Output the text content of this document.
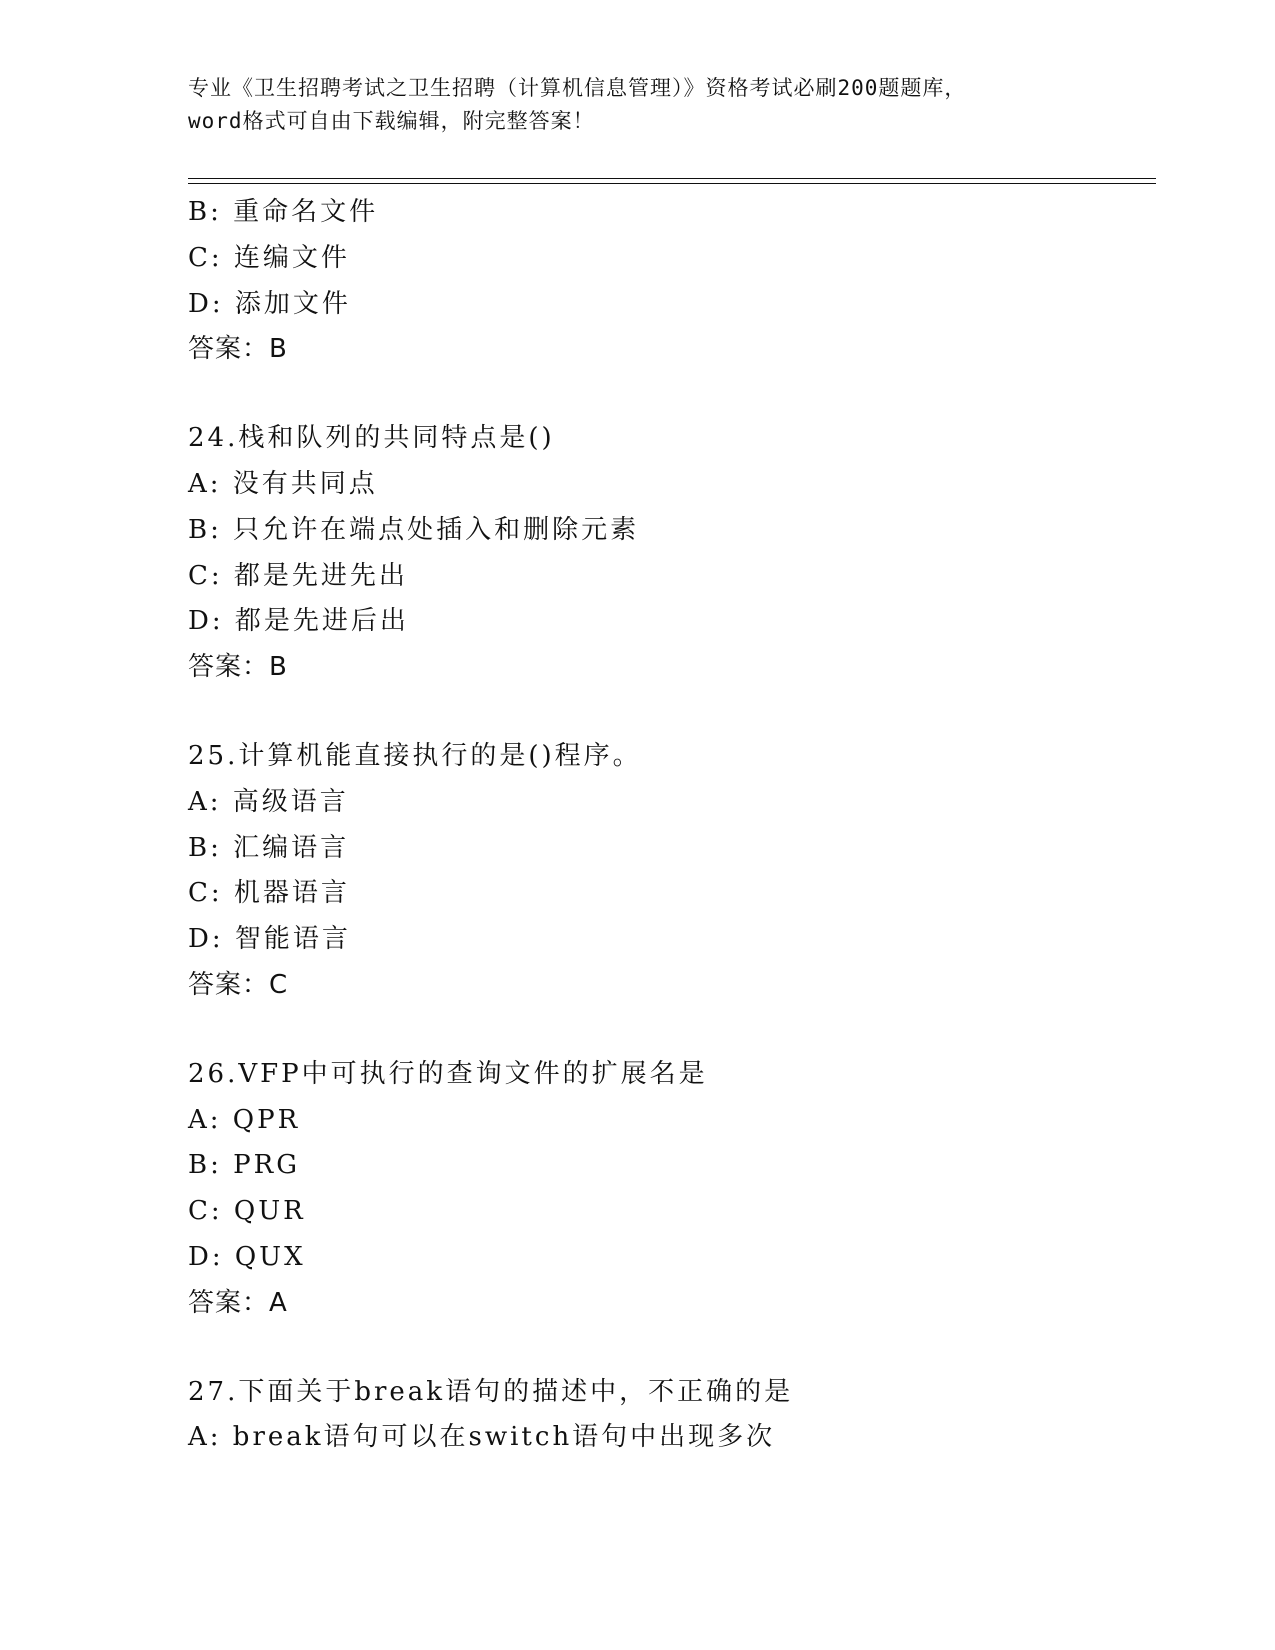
专业《卫生招聘考试之卫生招聘（计算机信息管理）》资格考试必刷200题题库，
word格式可自由下载编辑，附完整答案！
B: 重命名文件
C: 连编文件
D: 添加文件
答案：B
24.栈和队列的共同特点是()
A: 没有共同点
B: 只允许在端点处插入和删除元素
C: 都是先进先出
D: 都是先进后出
答案：B
25.计算机能直接执行的是()程序。
A: 高级语言
B: 汇编语言
C: 机器语言
D: 智能语言
答案：C
26.VFP中可执行的查询文件的扩展名是
A: QPR
B: PRG
C: QUR
D: QUX
答案：A
27.下面关于break语句的描述中，不正确的是
A: break语句可以在switch语句中出现多次
